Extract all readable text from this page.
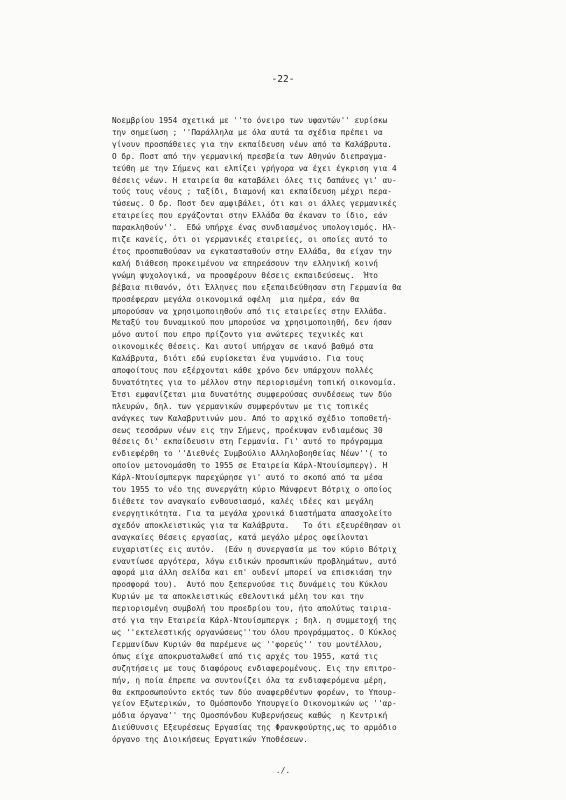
-22-
Νοεμβρίου 1954 σχετικά με ''το όνειρο των υφαντών'' ευρίσκω
την σημείωση ; ''Παράλληλα με όλα αυτά τα σχέδια πρέπει να
γίνουν προσπάθειες για την εκπαίδευση νέων από τα Καλάβρυτα.
Ο δρ. Ποστ από την γερμανική πρεσβεία των Αθηνών διεπραγμα-
τεύθη με την Σήμενς και ελπίζει γρήγορα να έχει έγκριση για 4
θέσεις νέων. Η εταιρεία θα καταβάλει όλες τις δαπάνες γι' αυ-
τούς τους νέους ; ταξίδι, διαμονή και εκπαίδευση μέχρι περα-
τώσεως. Ο δρ. Ποστ δεν αμφιβάλει, ότι και οι άλλες γερμανικές
εταιρείες που εργάζονται στην Ελλάδα θα έκαναν το ίδιο, εάν
παρακληθούν''.  Εδώ υπήρχε ένας συνδιασμένος υπολογισμός. Ηλ-
πιζε κανείς, ότι οι γερμανικές εταιρείες, οι οποίες αυτό το
έτος προσπαθούσαν να εγκατασταθούν στην Ελλάδα, θα είχαν την
καλή διάθεση προκειμένου να επηρεάσουν την ελληνική κοινή
γνώμη ψυχολογικά, να προσφέρουν θέσεις εκπαιδεύσεως.  Ήτο
βέβαια πιθανόν, ότι Έλληνες που εξεπαιδεύθησαν στη Γερμανία θα
προσέφεραν μεγάλα οικονομικά οφέλη  μια ημέρα, εάν θα
μπορούσαν να χρησιμοποιηθούν από τις εταιρείες στην Ελλάδα.
Μεταξύ του δυναμικού που μπορούσε να χρησιμοποιηθή, δεν ήσαν
μόνο αυτοί που επρο πρίζοντο για ανώτερες τεχνικές και
οικονομικές θέσεις. Και αυτοί υπήρχαν σε ικανό βαθμό στα
Καλάβρυτα, διότι εδώ ευρίσκεται ένα γυμνάσιο. Για τους
αποφοίτους που εξέρχονται κάθε χρόνο δεν υπάρχουν πολλές
δυνατότητες για το μέλλον στην περιορισμένη τοπική οικονομία.
Έτσι εμφανίζεται μια δυνατότης συμφερούσας συνδέσεως των δύο
πλευρών, δηλ. των γερμανικών συμφερόντων με τις τοπικές
ανάγκες των Καλαβρυτινών μου. Από το αρχικό σχέδιο τοποθετή-
σεως τεσσάρων νέων εις την Σήμενς, προέκυψαν ενδιαμέσως 30
θέσεις δι' εκπαίδευσιν στη Γερμανία. Γι' αυτό το πρόγραμμα
ενδιεφέρθη το ''Διεθνές Συμβούλιο Αλληλοβοηθείας Νέων''( το
οποίον μετονομάσθη το 1955 σε Εταιρεία Κάρλ-Ντουίσμπεργ). Η
Κάρλ-Ντουίσμπεργκ παρεχώρησε γι' αυτό το σκοπό από τα μέσα
του 1955 το νέο της συνεργάτη κύριο Μάνφρεντ Βότριχ ο οποίος
διέθετε τον αναγκαίο ενθουσιασμό, καλές ιδέες και μεγάλη
ενεργητικότητα. Για τα μεγάλα χρονικά διαστήματα απασχολείτο
σχεδόν αποκλειστικώς για τα Καλάβρυτα.   Το ότι εξευρέθησαν οι
αναγκαίες θέσεις εργασίας, κατά μεγάλο μέρος οφείλονται
ευχαριστίες εις αυτόν.  (Εάν η συνεργασία με τον κύριο Βότριχ
εναντίωσε αργότερα, λόγω ειδικών προσωπικών προβλημάτων, αυτό
αφορά μια άλλη σελίδα και επ' ουδενί μπορεί να επισκιάση την
προσφορά του).  Αυτό που ξεπερνούσε τις δυνάμεις του Κύκλου
Κυριών με τα αποκλειστικώς εθελοντικά μέλη του και την
περιορισμένη συμβολή του προεδρίου του, ήτο απολύτως ταιρια-
στό για την Εταιρεία Κάρλ-Ντουίσμπεργκ ; δηλ. η συμμετοχή της
ως ''εκτελεστικής οργανώσεως''του όλου προγράμματος. Ο Κύκλος
Γερμανίδων Κυριών θα παρέμενε ως ''φορεύς'' του μοντέλλου,
όπως είχε αποκρυσταλωθεί από τις αρχές του 1955, κατά τις
συζητήσεις με τους διαφόρους ενδιαφερομένους. Εις την επιτρο-
πήν, η ποία έπρεπε να συντονίζει όλα τα ενδιαφερόμενα μέρη,
θα εκπροσωπούντο εκτός των δύο αναφερθέντων φορέων, το Υπουρ-
γείον Εξωτερικών, το Ομόσπονδο Υπουργείο Οικονομικών ως ''αρ-
μόδια όργανα'' της Ομοσπόνδου Κυβερνήσεως καθώς  η Κεντρική
Διεύθυνσις Εξευρέσεως Εργασίας της Φρανκφούρτης,ως το αρμόδιο
όργανο της Διοικήσεως Εργατικών Υποθέσεων.
./.
